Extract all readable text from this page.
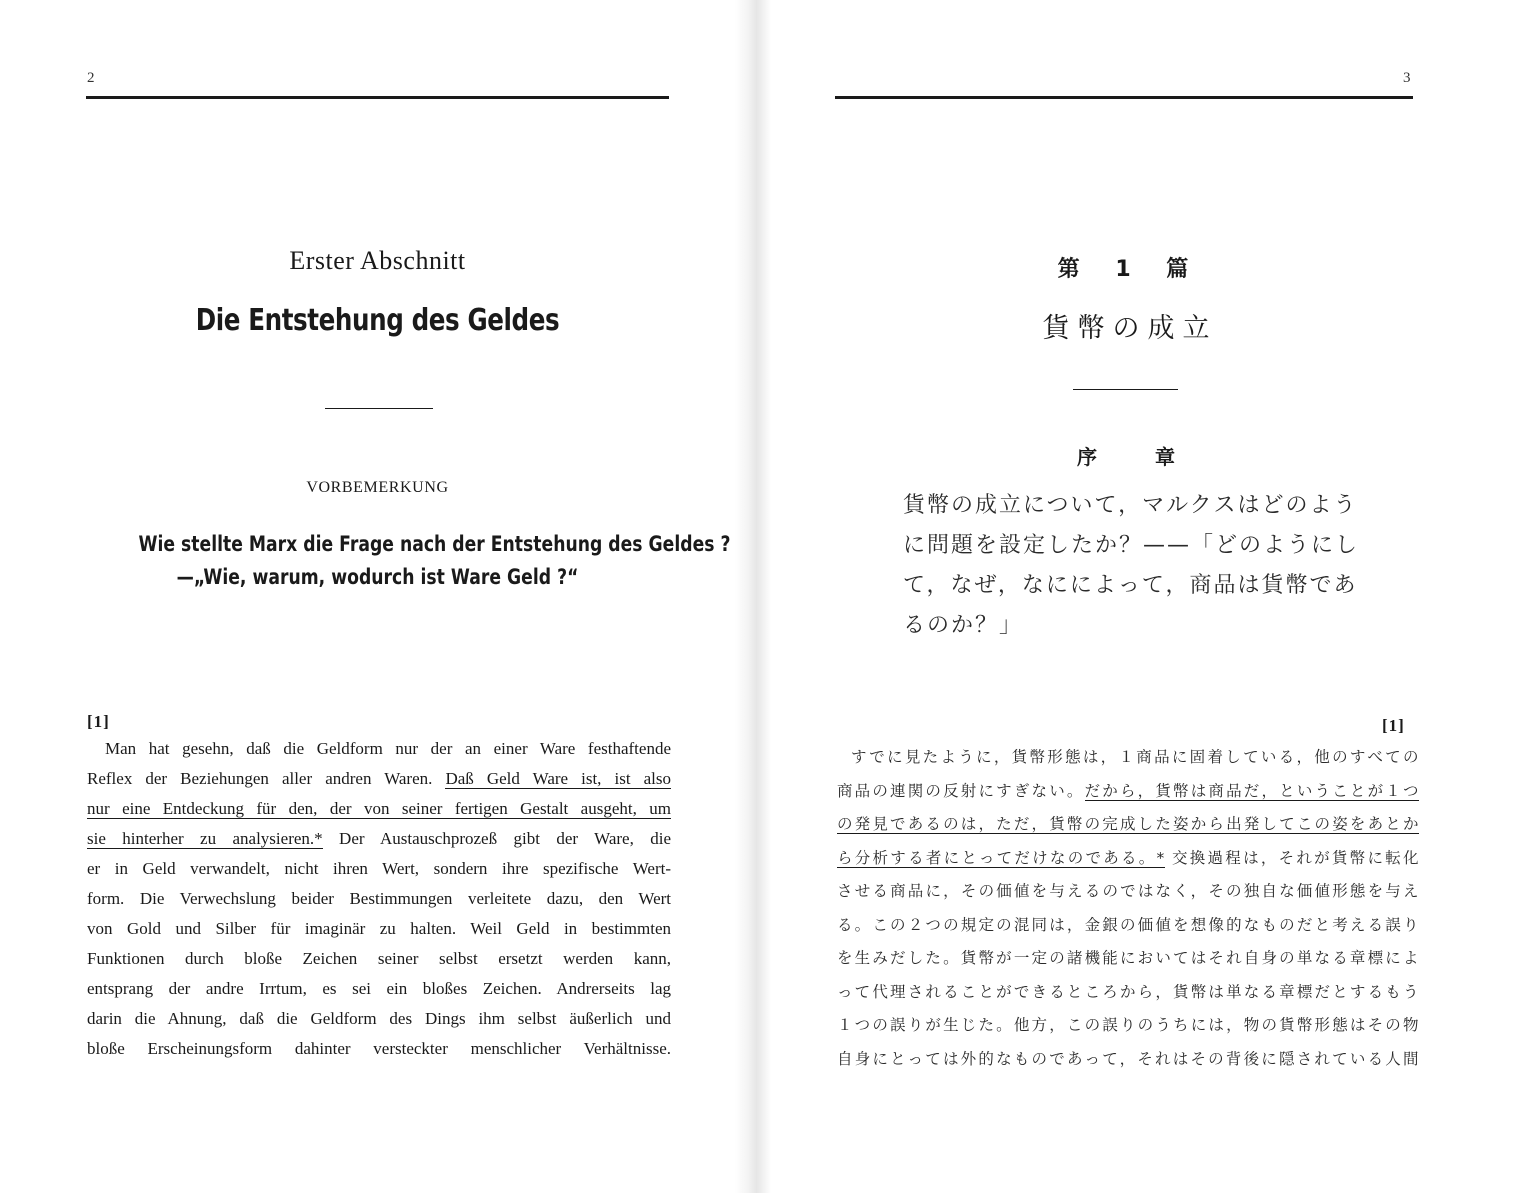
2
Erster Abschnitt
Die Entstehung des Geldes
VORBEMERKUNG
Wie stellte Marx die Frage nach der Entstehung des Geldes ?
—„Wie, warum, wodurch ist Ware Geld ?“
[1]
Man hat gesehn, daß die Geldform nur der an einer Ware festhaftende
Reflex der Beziehungen aller andren Waren. Daß Geld Ware ist, ist also
nur eine Entdeckung für den, der von seiner fertigen Gestalt ausgeht, um
sie hinterher zu analysieren.* Der Austauschprozeß gibt der Ware, die
er in Geld verwandelt, nicht ihren Wert, sondern ihre spezifische Wert-
form. Die Verwechslung beider Bestimmungen verleitete dazu, den Wert
von Gold und Silber für imaginär zu halten. Weil Geld in bestimmten
Funktionen durch bloße Zeichen seiner selbst ersetzt werden kann,
entsprang der andre Irrtum, es sei ein bloßes Zeichen. Andrerseits lag
darin die Ahnung, daß die Geldform des Dings ihm selbst äußerlich und
bloße Erscheinungsform dahinter versteckter menschlicher Verhältnisse.
3
第 1 篇
貨幣の成立
序章
貨幣の成立について，マルクスはどのよう
に問題を設定したか？——「どのようにし
て，なぜ，なにによって，商品は貨幣であ
るのか？」
[1]
すでに見たように，貨幣形態は，１商品に固着している，他のすべての
商品の連関の反射にすぎない。だから，貨幣は商品だ，ということが１つ
の発見であるのは，ただ，貨幣の完成した姿から出発してこの姿をあとか
ら分析する者にとってだけなのである。* 交換過程は，それが貨幣に転化
させる商品に，その価値を与えるのではなく，その独自な価値形態を与え
る。この２つの規定の混同は，金銀の価値を想像的なものだと考える誤り
を生みだした。貨幣が一定の諸機能においてはそれ自身の単なる章標によ
って代理されることができるところから，貨幣は単なる章標だとするもう
１つの誤りが生じた。他方，この誤りのうちには，物の貨幣形態はその物
自身にとっては外的なものであって，それはその背後に隠されている人間
